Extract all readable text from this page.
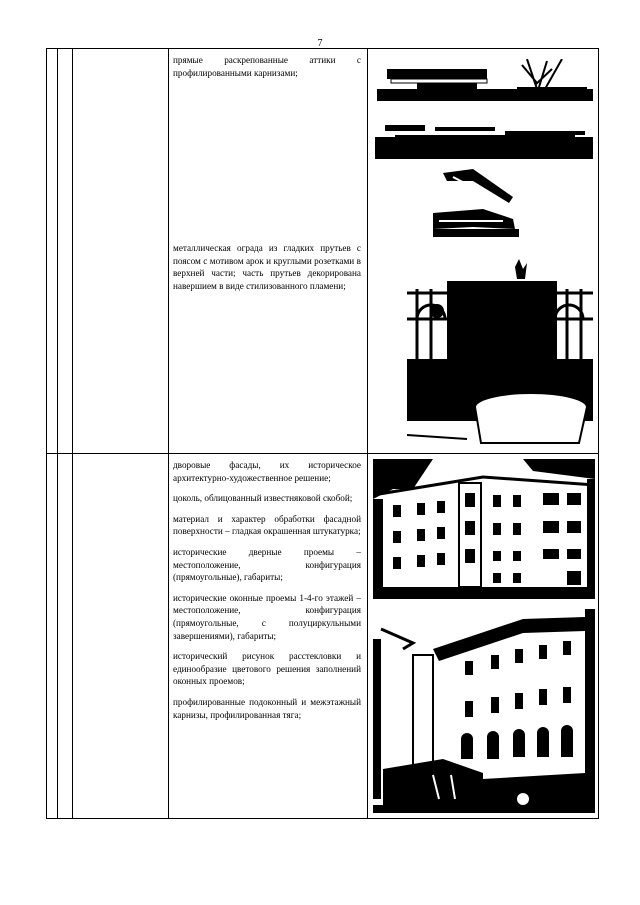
7

прямые раскрепованные аттики с профилированными карнизами;

металлическая ограда из гладких прутьев с поясом с мотивом арок и круглыми розетками в верхней части; часть прутьев декорирована навершием в виде стилизованного пламени;

дворовые фасады, их историческое архитектурно-художественное решение;

цоколь, облицованный известняковой скобой;

материал и характер обработки фасадной поверхности – гладкая окрашенная штукатурка;

исторические дверные проемы – местоположение, конфигурация (прямоугольные), габариты;

исторические оконные проемы 1-4-го этажей – местоположение, конфигурация (прямоугольные, с полуциркульными завершениями), габариты;

исторический рисунок расстекловки и единообразие цветового решения заполнений оконных проемов;

профилированные подоконный и межэтажный карнизы, профилированная тяга;
